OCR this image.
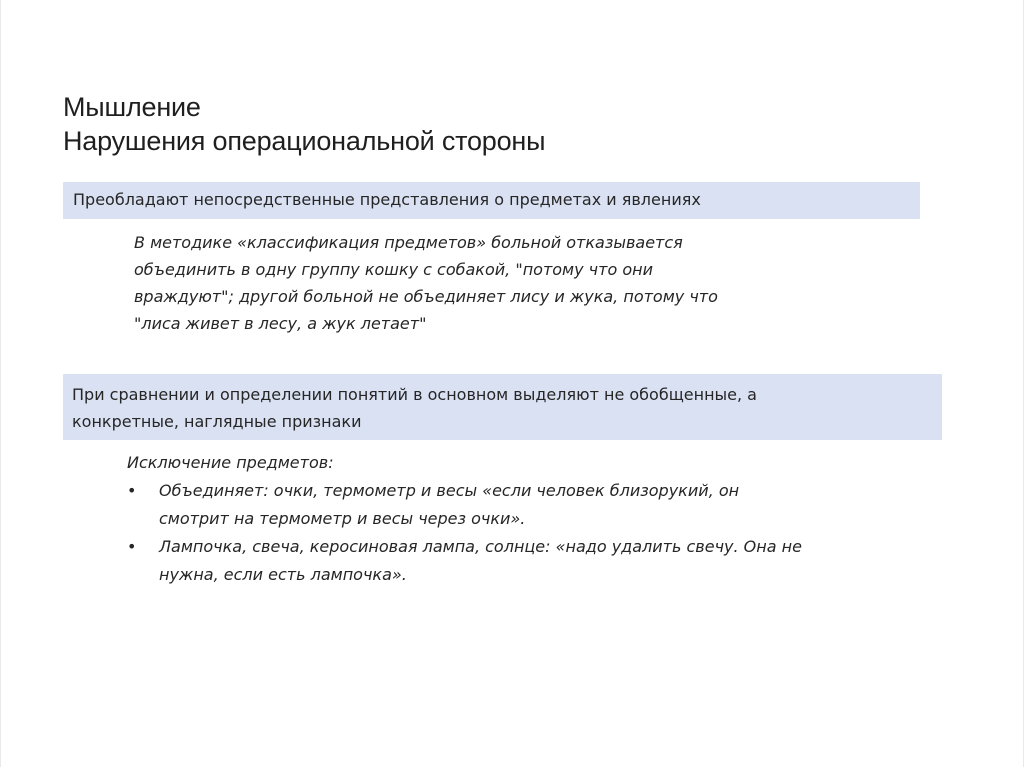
Мышление
Нарушения операциональной стороны
Преобладают непосредственные представления о предметах и явлениях
В методике «классификация предметов» больной отказывается
объединить в одну группу кошку с собакой, "потому что они
враждуют"; другой больной не объединяет лису и жука, потому что
"лиса живет в лесу, а жук летает"
При сравнении и определении понятий в основном выделяют не обобщенные, а
конкретные, наглядные признаки

Исключение предметов:

• Объединяет: очки, термометр и весы «если человек близорукий, он
смотрит на термометр и весы через очки».
• Лампочка, свеча, керосиновая лампа, солнце: «надо удалить свечу. Она не
нужна, если есть лампочка».
